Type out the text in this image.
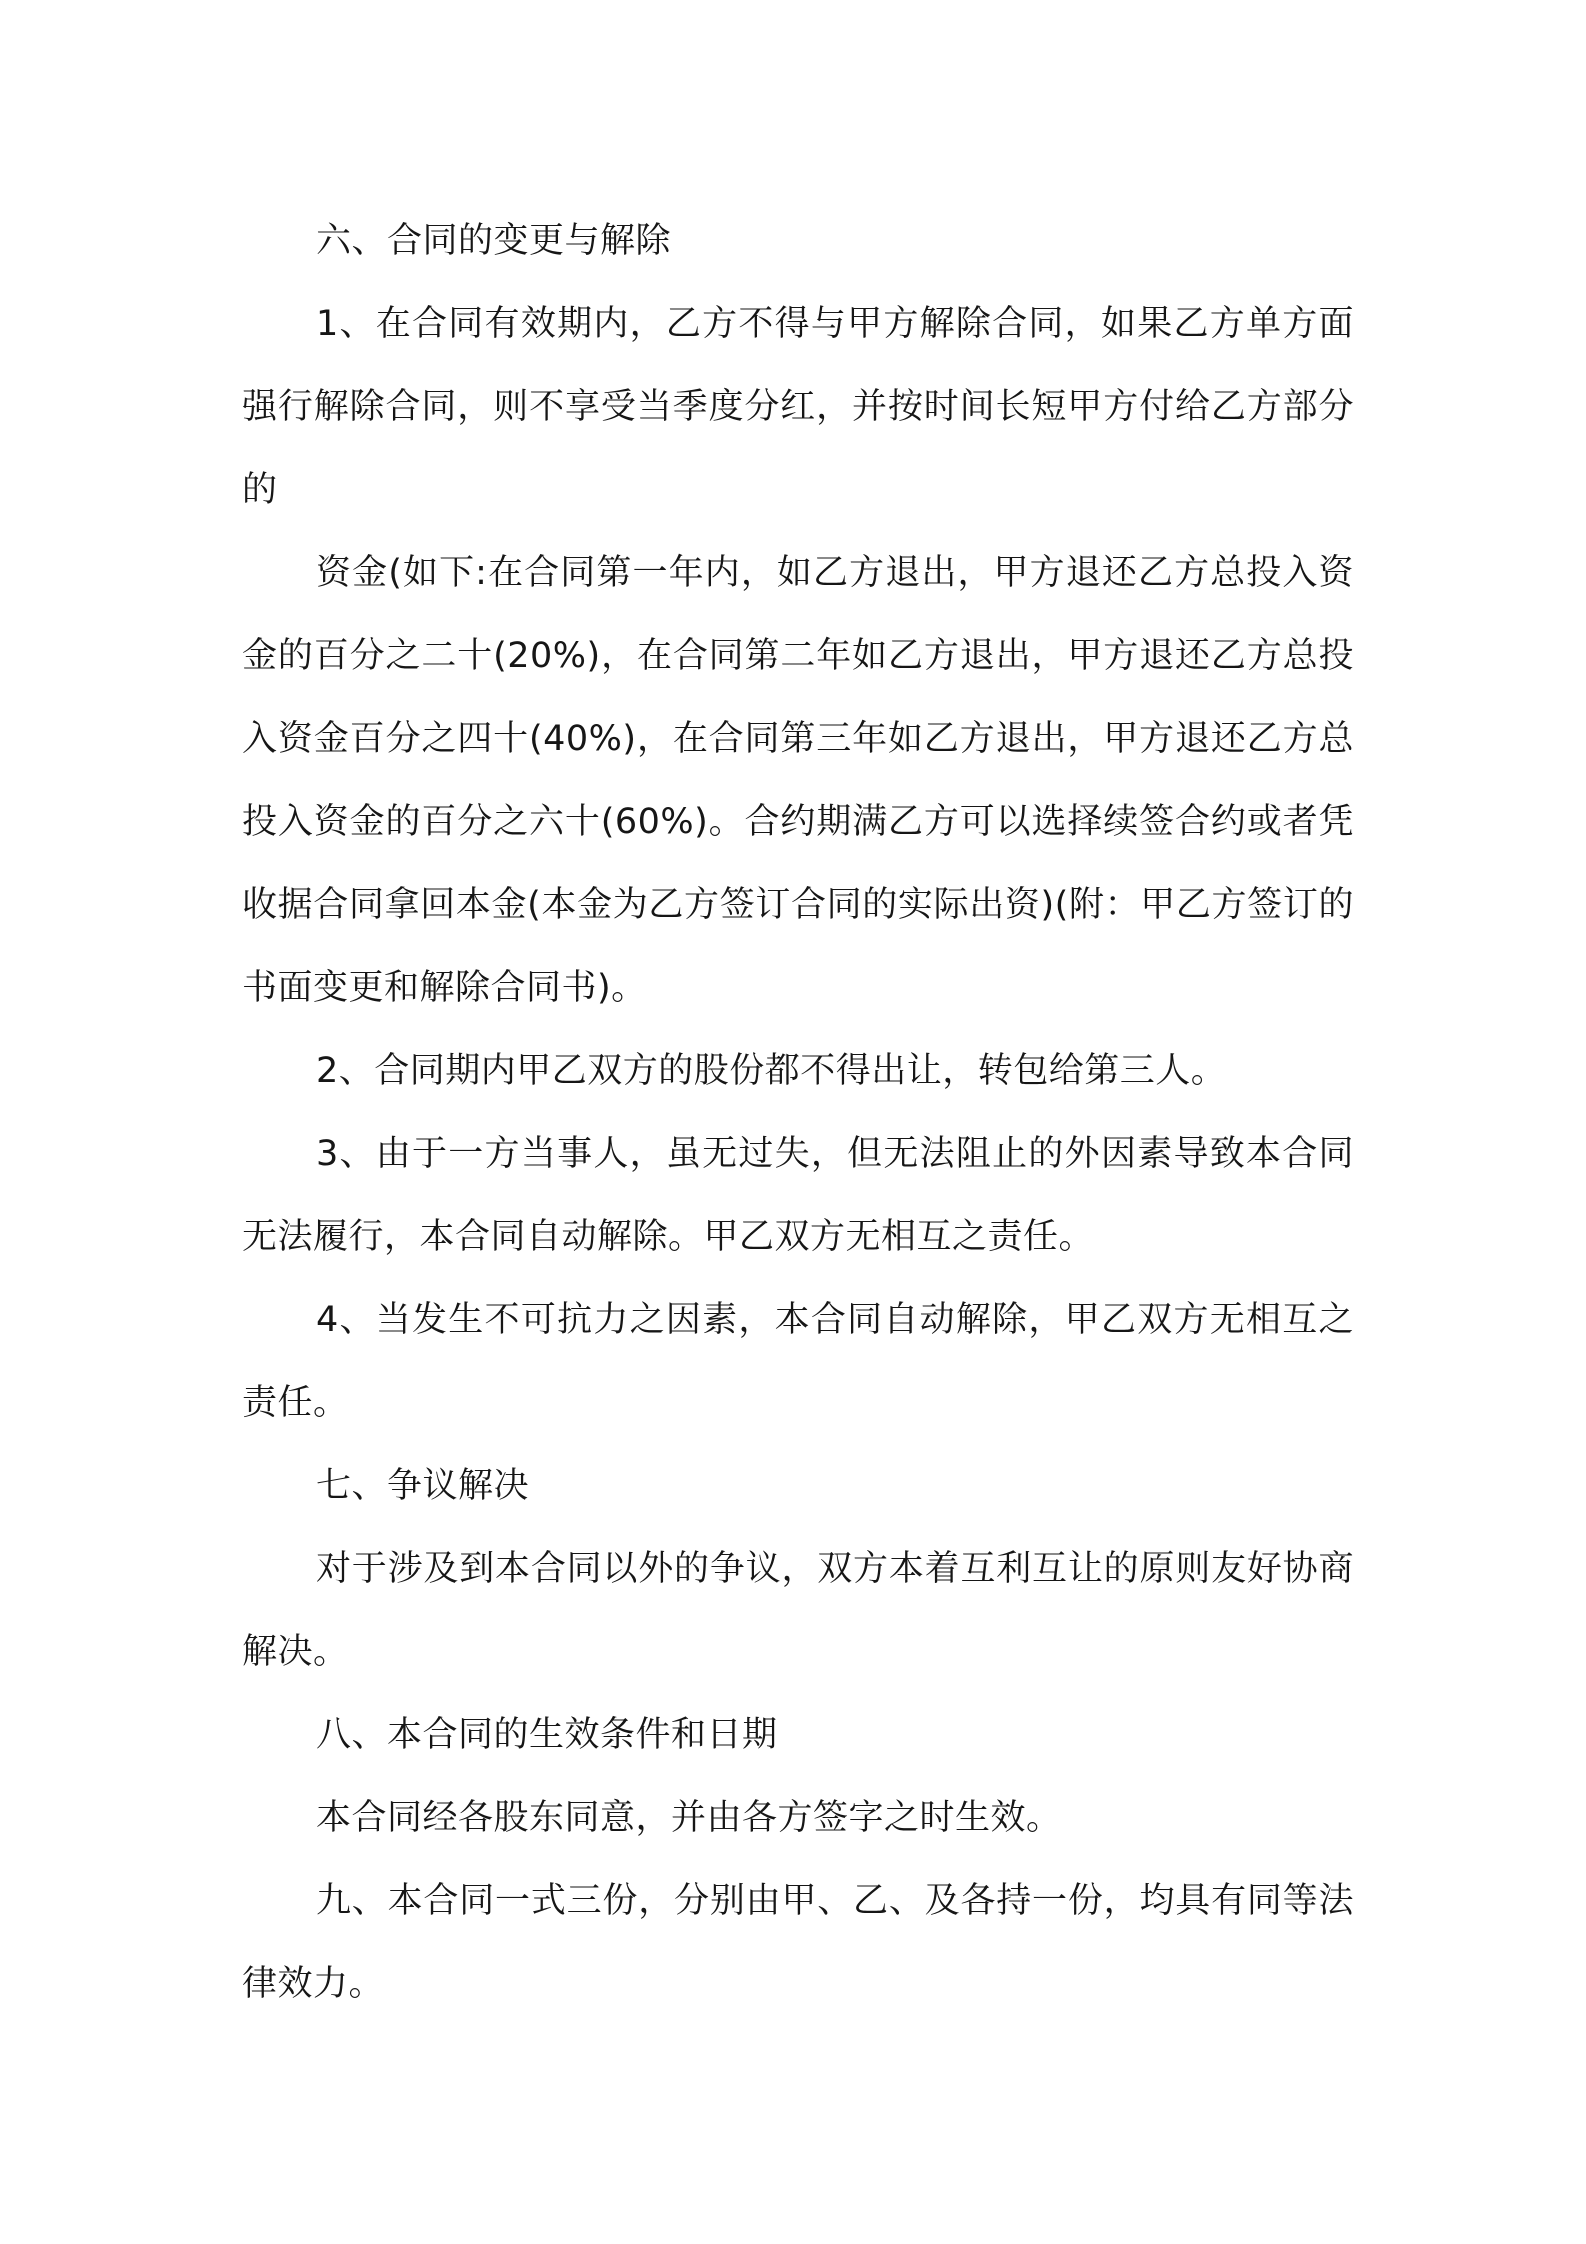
六、合同的变更与解除

1、在合同有效期内，乙方不得与甲方解除合同，如果乙方单方面强行解除合同，则不享受当季度分红，并按时间长短甲方付给乙方部分的

资金(如下:在合同第一年内，如乙方退出，甲方退还乙方总投入资金的百分之二十(20%)，在合同第二年如乙方退出，甲方退还乙方总投入资金百分之四十(40%)，在合同第三年如乙方退出，甲方退还乙方总投入资金的百分之六十(60%)。合约期满乙方可以选择续签合约或者凭收据合同拿回本金(本金为乙方签订合同的实际出资)(附：甲乙方签订的书面变更和解除合同书)。

2、合同期内甲乙双方的股份都不得出让，转包给第三人。

3、由于一方当事人，虽无过失，但无法阻止的外因素导致本合同无法履行，本合同自动解除。甲乙双方无相互之责任。

4、当发生不可抗力之因素，本合同自动解除，甲乙双方无相互之责任。

七、争议解决

对于涉及到本合同以外的争议，双方本着互利互让的原则友好协商解决。

八、本合同的生效条件和日期

本合同经各股东同意，并由各方签字之时生效。

九、本合同一式三份，分别由甲、乙、及各持一份，均具有同等法律效力。
